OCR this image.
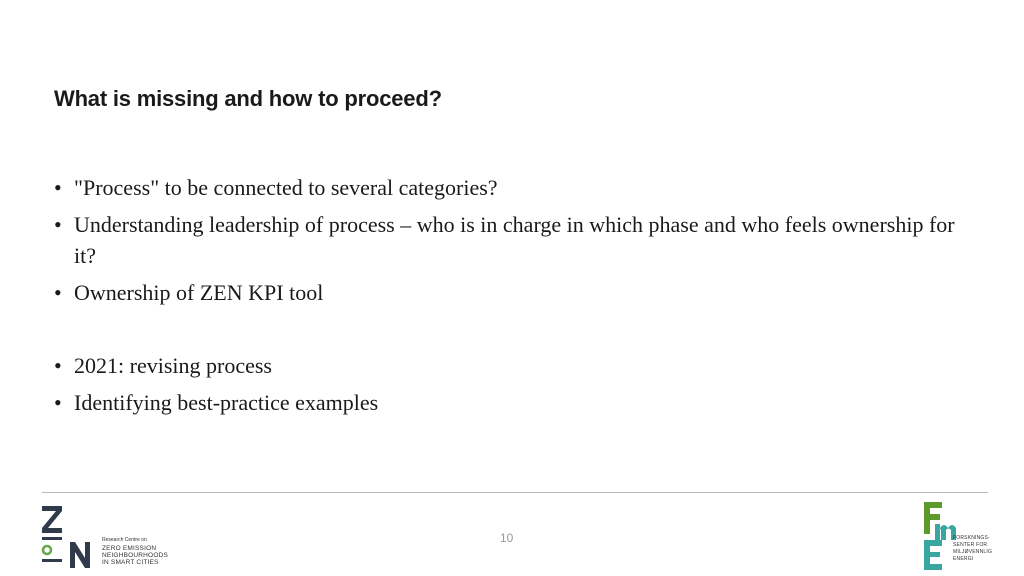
What is missing and how to proceed?
• "Process" to be connected to several categories?
• Understanding leadership of process – who is in charge in which phase and who feels ownership for it?
• Ownership of ZEN KPI tool
• 2021: revising process
• Identifying best-practice examples
Research Centre on
ZERO EMISSION
NEIGHBOURHOODS
IN SMART CITIES
10	FORSKNINGS-
SENTER FOR
MILJØVENNLIG
ENERGI
